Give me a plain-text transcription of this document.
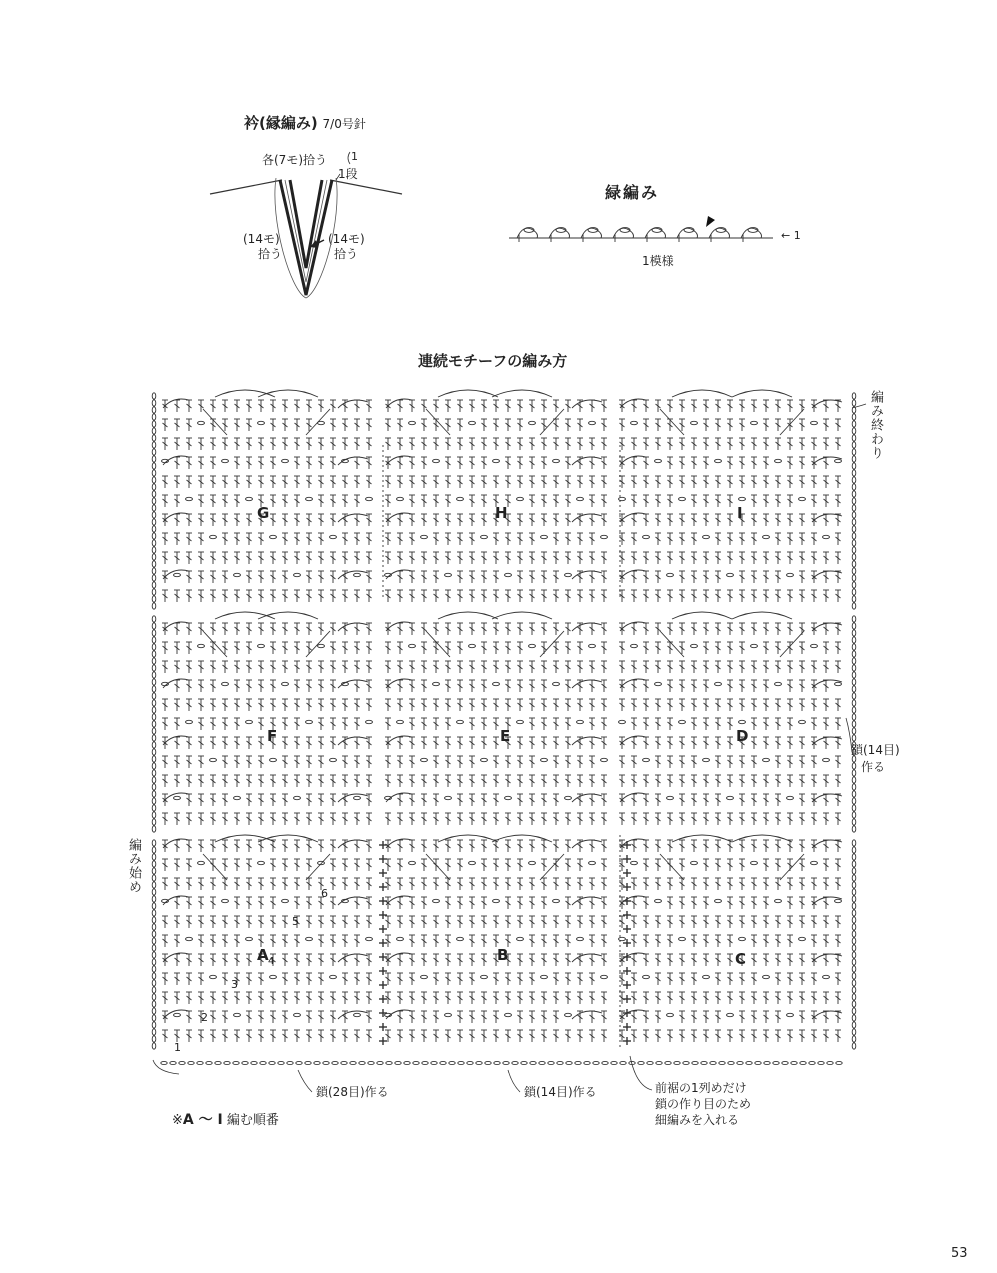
衿(縁編み) 7/0号針
各(7モ)拾う 1
1段
(14モ)
拾う
(14モ)
拾う
緑編み
← 1
1模様
連続モチーフの編み方
G	H	I
F	E	D
A	B	C
1
2
3
4
5
6
編み終わり
編み始め
鎖(14目)
作る
鎖(28目)作る	鎖(14目)作る	前裾の1列めだけ
鎖の作り目のため
細編みを入れる
※A ～ I 編む順番
53
